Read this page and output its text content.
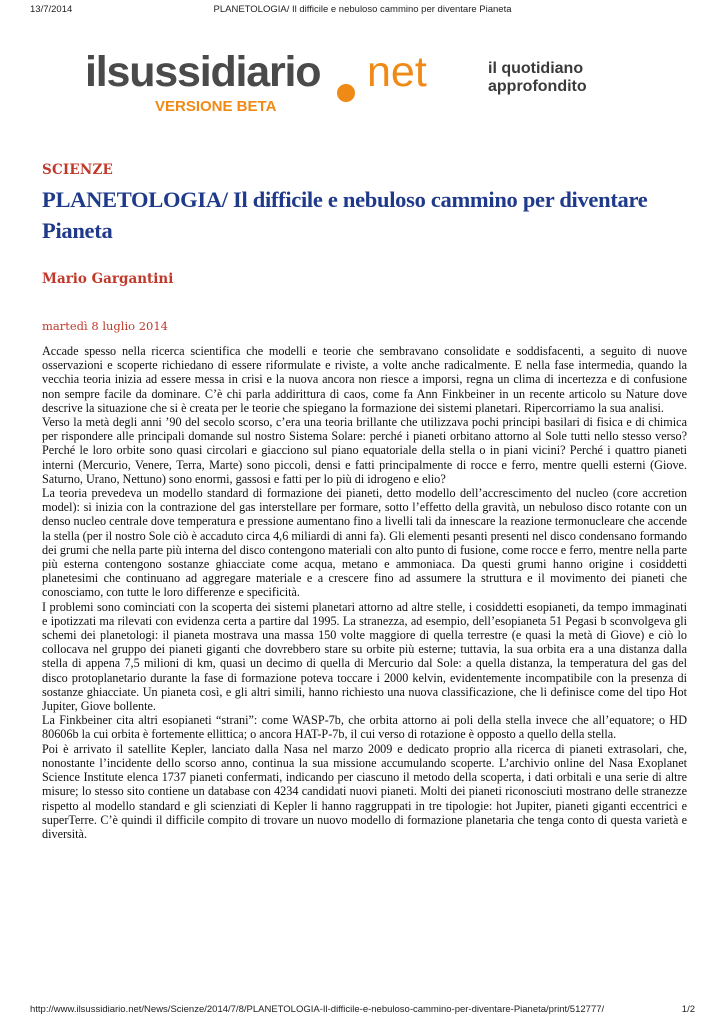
13/7/2014	PLANETOLOGIA/ Il difficile e nebuloso cammino per diventare Pianeta
ilsussidiario net
VERSIONE BETA
il quotidiano approfondito
SCIENZE
PLANETOLOGIA/ Il difficile e nebuloso cammino per diventare Pianeta
Mario Gargantini
martedì 8 luglio 2014

Accade spesso nella ricerca scientifica che modelli e teorie che sembravano consolidate e soddisfacenti, a seguito di nuove osservazioni e scoperte richiedano di essere riformulate e riviste, a volte anche radicalmente. E nella fase intermedia, quando la vecchia teoria inizia ad essere messa in crisi e la nuova ancora non riesce a imporsi, regna un clima di incertezza e di confusione non sempre facile da dominare. C’è chi parla addirittura di caos, come fa Ann Finkbeiner in un recente articolo su Nature dove descrive la situazione che si è creata per le teorie che spiegano la formazione dei sistemi planetari. Ripercorriamo la sua analisi.

Verso la metà degli anni ’90 del secolo scorso, c’era una teoria brillante che utilizzava pochi principi basilari di fisica e di chimica per rispondere alle principali domande sul nostro Sistema Solare: perché i pianeti orbitano attorno al Sole tutti nello stesso verso? Perché le loro orbite sono quasi circolari e giacciono sul piano equatoriale della stella o in piani vicini? Perché i quattro pianeti interni (Mercurio, Venere, Terra, Marte) sono piccoli, densi e fatti principalmente di rocce e ferro, mentre quelli esterni (Giove. Saturno, Urano, Nettuno) sono enormi, gassosi e fatti per lo più di idrogeno e elio?

La teoria prevedeva un modello standard di formazione dei pianeti, detto modello dell’accrescimento del nucleo (core accretion model): si inizia con la contrazione del gas interstellare per formare, sotto l’effetto della gravità, un nebuloso disco rotante con un denso nucleo centrale dove temperatura e pressione aumentano fino a livelli tali da innescare la reazione termonucleare che accende la stella (per il nostro Sole ciò è accaduto circa 4,6 miliardi di anni fa). Gli elementi pesanti presenti nel disco condensano formando dei grumi che nella parte più interna del disco contengono materiali con alto punto di fusione, come rocce e ferro, mentre nella parte più esterna contengono sostanze ghiacciate come acqua, metano e ammoniaca. Da questi grumi hanno origine i cosiddetti planetesimi che continuano ad aggregare materiale e a crescere fino ad assumere la struttura e il movimento dei pianeti che conosciamo, con tutte le loro differenze e specificità.

I problemi sono cominciati con la scoperta dei sistemi planetari attorno ad altre stelle, i cosiddetti esopianeti, da tempo immaginati e ipotizzati ma rilevati con evidenza certa a partire dal 1995. La stranezza, ad esempio, dell’esopianeta 51 Pegasi b sconvolgeva gli schemi dei planetologi: il pianeta mostrava una massa 150 volte maggiore di quella terrestre (e quasi la metà di Giove) e ciò lo collocava nel gruppo dei pianeti giganti che dovrebbero stare su orbite più esterne; tuttavia, la sua orbita era a una distanza dalla stella di appena 7,5 milioni di km, quasi un decimo di quella di Mercurio dal Sole: a quella distanza, la temperatura del gas del disco protoplanetario durante la fase di formazione poteva toccare i 2000 kelvin, evidentemente incompatibile con la presenza di sostanze ghiacciate. Un pianeta così, e gli altri simili, hanno richiesto una nuova classificazione, che li definisce come del tipo Hot Jupiter, Giove bollente.

La Finkbeiner cita altri esopianeti “strani”: come WASP-7b, che orbita attorno ai poli della stella invece che all’equatore; o HD 80606b la cui orbita è fortemente ellittica; o ancora HAT-P-7b, il cui verso di rotazione è opposto a quello della stella.

Poi è arrivato il satellite Kepler, lanciato dalla Nasa nel marzo 2009 e dedicato proprio alla ricerca di pianeti extrasolari, che, nonostante l’incidente dello scorso anno, continua la sua missione accumulando scoperte. L’archivio online del Nasa Exoplanet Science Institute elenca 1737 pianeti confermati, indicando per ciascuno il metodo della scoperta, i dati orbitali e una serie di altre misure; lo stesso sito contiene un database con 4234 candidati nuovi pianeti. Molti dei pianeti riconosciuti mostrano delle stranezze rispetto al modello standard e gli scienziati di Kepler li hanno raggruppati in tre tipologie: hot Jupiter, pianeti giganti eccentrici e superTerre. C’è quindi il difficile compito di trovare un nuovo modello di formazione planetaria che tenga conto di questa varietà e diversità.

http://www.ilsussidiario.net/News/Scienze/2014/7/8/PLANETOLOGIA-Il-difficile-e-nebuloso-cammino-per-diventare-Pianeta/print/512777/	1/2
